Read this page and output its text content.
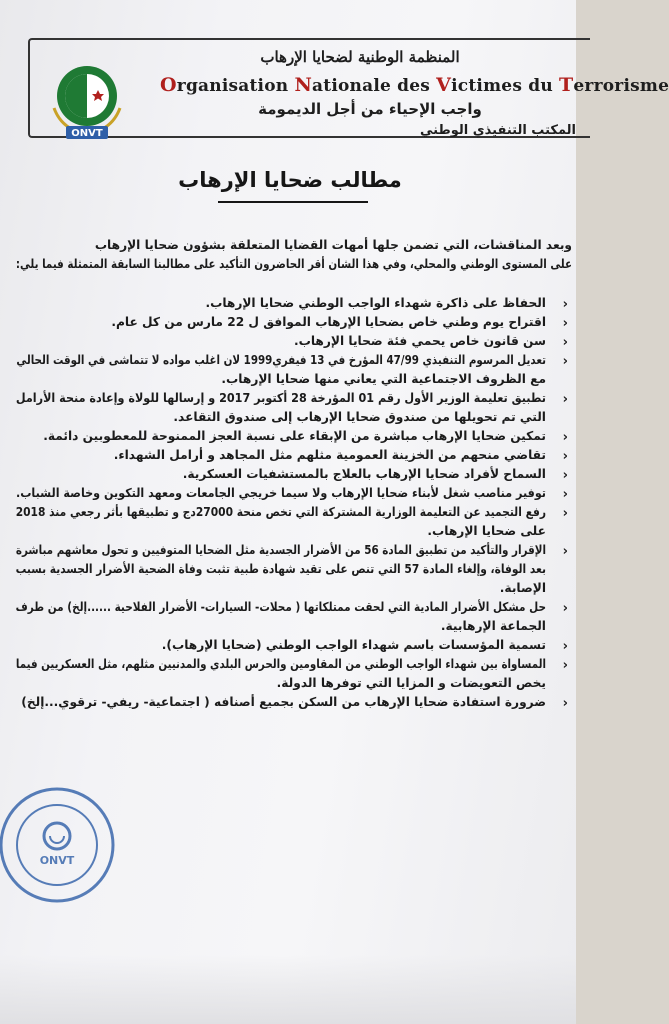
ONVT
المنظمة الوطنية لضحايا الإرهاب
Organisation Nationale des Victimes du Terrorisme
واجب الإحياء من أجل الديمومة
المكتب التنفيذي الوطني
مطالب ضحايا الإرهاب
وبعد المناقشات، التي تضمن جلها أمهات القضايا المتعلقة بشؤون ضحايا الإرهاب
على المستوى الوطني والمحلي، وفي هذا الشان أقر الحاضرون التأكيد على مطالبنا السابقة المتمثلة فيما يلي:
‹
الحفاظ على ذاكرة شهداء الواجب الوطني ضحايا الإرهاب.
‹
اقتراح يوم وطني خاص بضحايا الإرهاب الموافق ل 22 مارس من كل عام.
‹
سن قانون خاص يحمي فئة ضحايا الإرهاب.
‹
تعديل المرسوم التنفيذي 47/99 المؤرخ في 13 فيفري1999 لان اغلب مواده لا تتماشى في الوقت الحالي
مع الظروف الاجتماعية التي يعاني منها ضحايا الإرهاب.
‹
تطبيق تعليمة الوزير الأول رقم 01 المؤرخة 28 أكتوبر 2017 و إرسالها للولاة وإعادة منحة الأرامل
التي تم تحويلها من صندوق ضحايا الإرهاب إلى صندوق التقاعد.
‹
تمكين ضحايا الإرهاب مباشرة من الإبقاء على نسبة العجز الممنوحة للمعطوبين دائمة.
‹
تقاضي منحهم من الخزينة العمومية مثلهم مثل المجاهد و أرامل الشهداء.
‹
السماح لأفراد ضحايا الإرهاب بالعلاج بالمستشفيات العسكرية.
‹
توفير مناصب شغل لأبناء ضحايا الإرهاب ولا سيما خريجي الجامعات ومعهد التكوين وخاصة الشباب.
‹
رفع التجميد عن التعليمة الوزارية المشتركة التي تخص منحة 27000دج و تطبيقها بأثر رجعي منذ 2018
على ضحايا الإرهاب.
‹
الإقرار والتأكيد من تطبيق المادة 56 من الأضرار الجسدية مثل الضحايا المتوفيين و تحول معاشهم مباشرة
بعد الوفاة، وإلغاء المادة 57 التي تنص على تقيد شهادة طبية تثبت وفاة الضحية الأضرار الجسدية بسبب
الإصابة.
‹
حل مشكل الأضرار المادية التي لحقت ممتلكاتها ( محلات- السيارات- الأضرار الفلاحية ......إلخ) من طرف
الجماعة الإرهابية.
‹
تسمية المؤسسات باسم شهداء الواجب الوطني (ضحايا الإرهاب).
‹
المساواة بين شهداء الواجب الوطني من المقاومين والحرس البلدي والمدنيين مثلهم، مثل العسكريين فيما
يخص التعويضات و المزايا التي توفرها الدولة.
‹
ضرورة استفادة ضحايا الإرهاب من السكن بجميع أصنافه ( اجتماعية- ريفي- ترقوي...إلخ)
ONVT
